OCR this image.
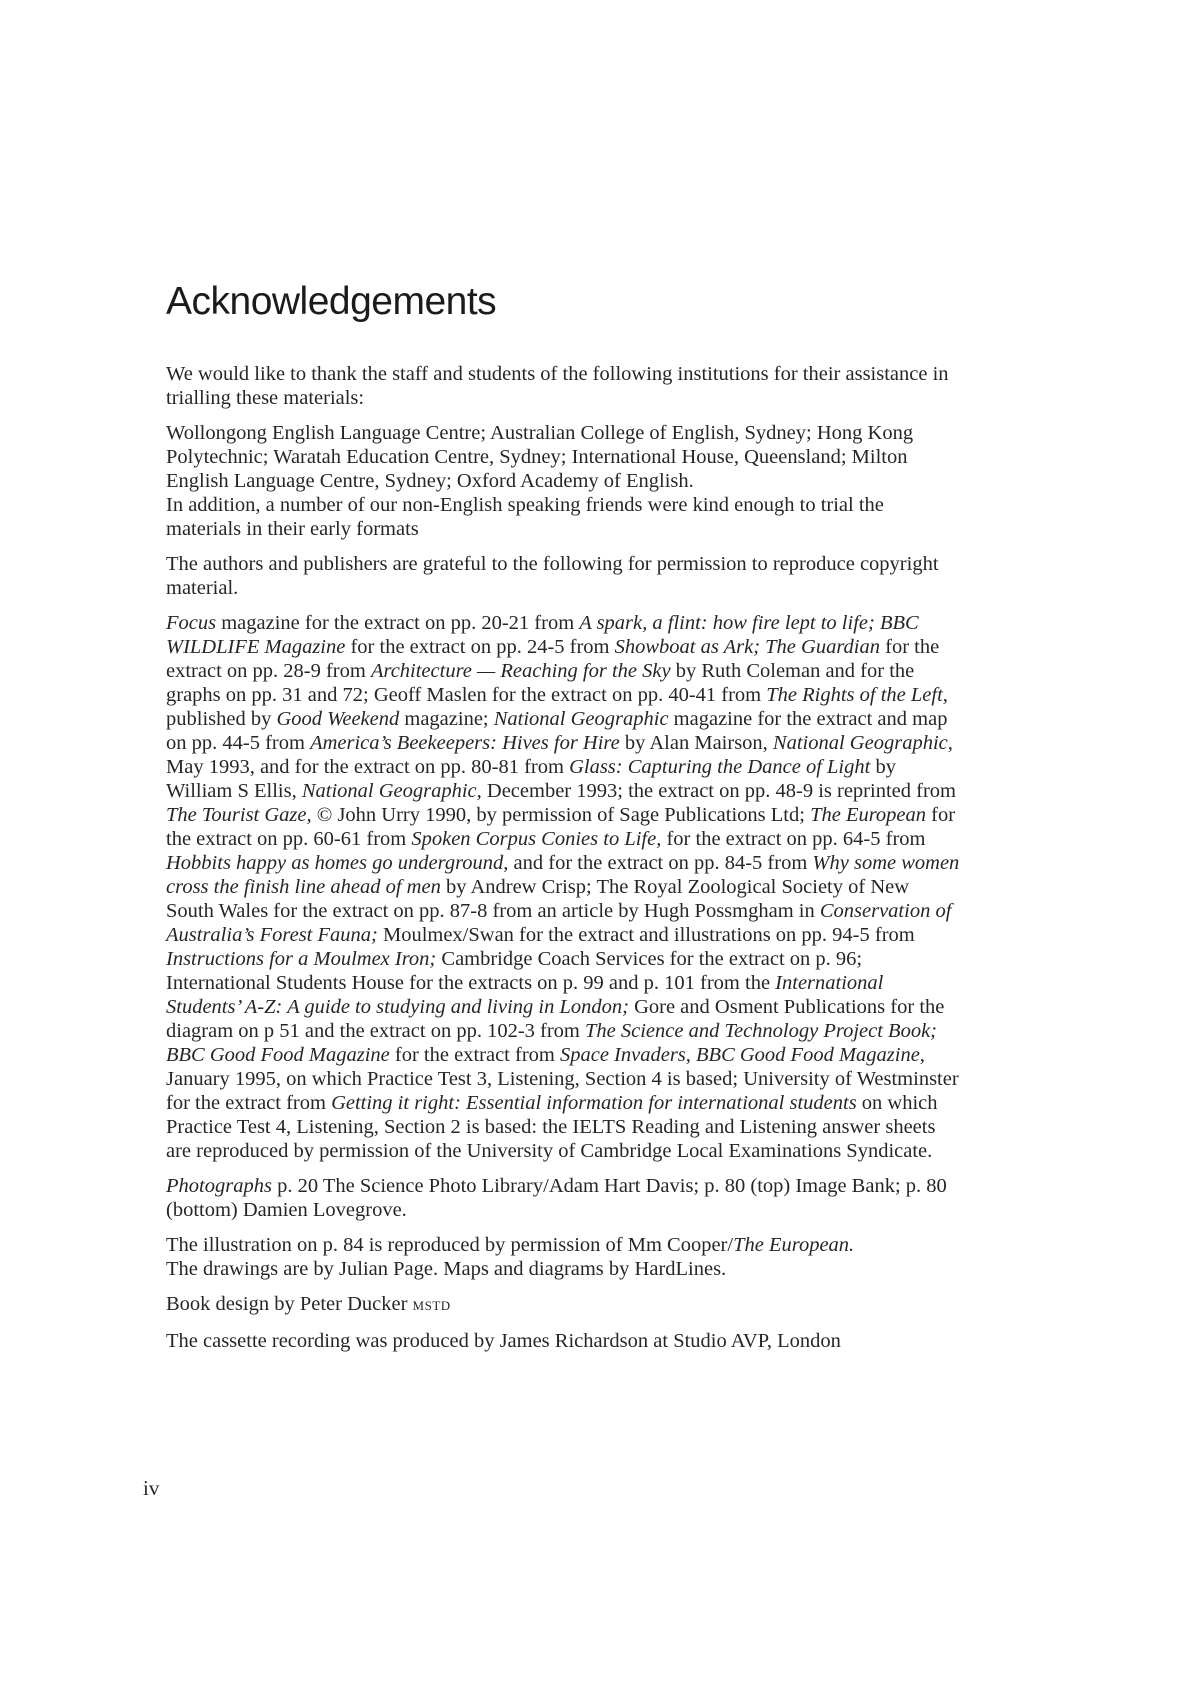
Acknowledgements

We would like to thank the staff and students of the following institutions for their assistance in
trialling these materials:

Wollongong English Language Centre; Australian College of English, Sydney; Hong Kong
Polytechnic; Waratah Education Centre, Sydney; International House, Queensland; Milton
English Language Centre, Sydney; Oxford Academy of English.
In addition, a number of our non-English speaking friends were kind enough to trial the
materials in their early formats

The authors and publishers are grateful to the following for permission to reproduce copyright
material.

Focus magazine for the extract on pp. 20-21 from A spark, a flint: how fire lept to life; BBC
WILDLIFE Magazine for the extract on pp. 24-5 from Showboat as Ark; The Guardian for the
extract on pp. 28-9 from Architecture — Reaching for the Sky by Ruth Coleman and for the
graphs on pp. 31 and 72; Geoff Maslen for the extract on pp. 40-41 from The Rights of the Left,
published by Good Weekend magazine; National Geographic magazine for the extract and map
on pp. 44-5 from America’s Beekeepers: Hives for Hire by Alan Mairson, National Geographic,
May 1993, and for the extract on pp. 80-81 from Glass: Capturing the Dance of Light by
William S Ellis, National Geographic, December 1993; the extract on pp. 48-9 is reprinted from
The Tourist Gaze, © John Urry 1990, by permission of Sage Publications Ltd; The European for
the extract on pp. 60-61 from Spoken Corpus Conies to Life, for the extract on pp. 64-5 from
Hobbits happy as homes go underground, and for the extract on pp. 84-5 from Why some women
cross the finish line ahead of men by Andrew Crisp; The Royal Zoological Society of New
South Wales for the extract on pp. 87-8 from an article by Hugh Possmgham in Conservation of
Australia’s Forest Fauna; Moulmex/Swan for the extract and illustrations on pp. 94-5 from
Instructions for a Moulmex Iron; Cambridge Coach Services for the extract on p. 96;
International Students House for the extracts on p. 99 and p. 101 from the International
Students’ A-Z: A guide to studying and living in London; Gore and Osment Publications for the
diagram on p 51 and the extract on pp. 102-3 from The Science and Technology Project Book;
BBC Good Food Magazine for the extract from Space Invaders, BBC Good Food Magazine,
January 1995, on which Practice Test 3, Listening, Section 4 is based; University of Westminster
for the extract from Getting it right: Essential information for international students on which
Practice Test 4, Listening, Section 2 is based: the IELTS Reading and Listening answer sheets
are reproduced by permission of the University of Cambridge Local Examinations Syndicate.

Photographs p. 20 The Science Photo Library/Adam Hart Davis; p. 80 (top) Image Bank; p. 80
(bottom) Damien Lovegrove.

The illustration on p. 84 is reproduced by permission of Mm Cooper/The European.
The drawings are by Julian Page. Maps and diagrams by HardLines.

Book design by Peter Ducker MSTD

The cassette recording was produced by James Richardson at Studio AVP, London

iv
